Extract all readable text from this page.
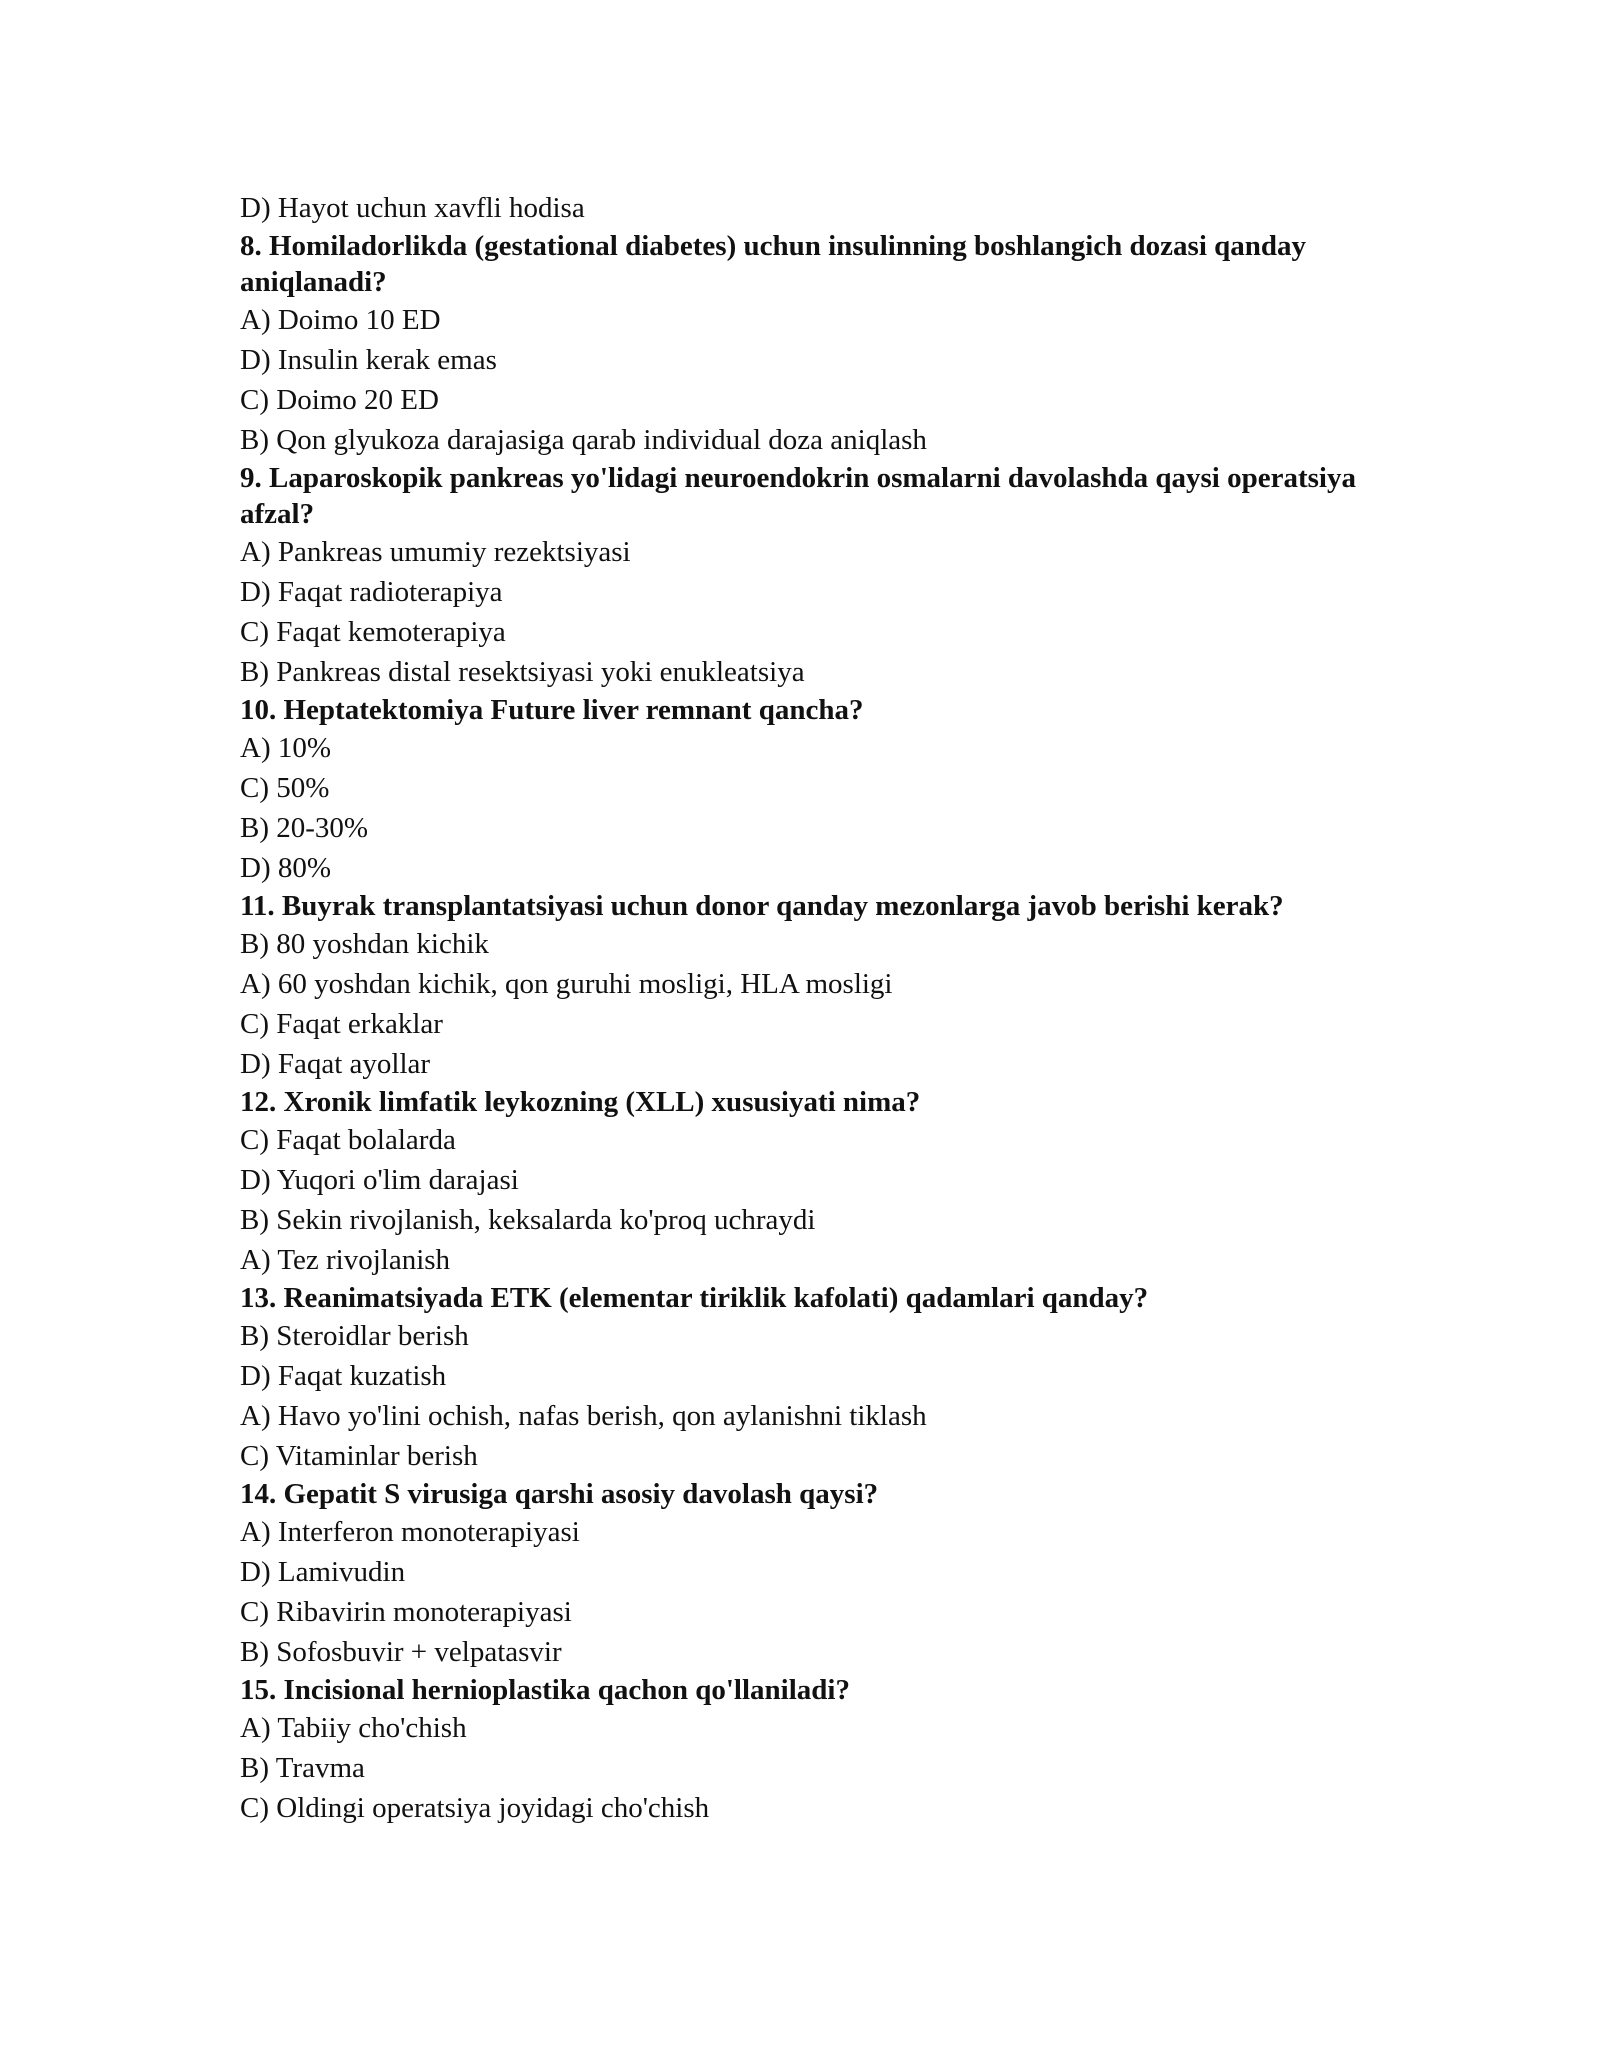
D) Hayot uchun xavfli hodisa
8. Homiladorlikda (gestational diabetes) uchun insulinning boshlangich dozasi qanday aniqlanadi?
A) Doimo 10 ED
D) Insulin kerak emas
C) Doimo 20 ED
B) Qon glyukoza darajasiga qarab individual doza aniqlash
9. Laparoskopik pankreas yo'lidagi neuroendokrin osmalarni davolashda qaysi operatsiya afzal?
A) Pankreas umumiy rezektsiyasi
D) Faqat radioterapiya
C) Faqat kemoterapiya
B) Pankreas distal resektsiyasi yoki enukleatsiya
10. Heptatektomiya Future liver remnant qancha?
A) 10%
C) 50%
B) 20-30%
D) 80%
11. Buyrak transplantatsiyasi uchun donor qanday mezonlarga javob berishi kerak?
B) 80 yoshdan kichik
A) 60 yoshdan kichik, qon guruhi mosligi, HLA mosligi
C) Faqat erkaklar
D) Faqat ayollar
12. Xronik limfatik leykozning (XLL) xususiyati nima?
C) Faqat bolalarda
D) Yuqori o'lim darajasi
B) Sekin rivojlanish, keksalarda ko'proq uchraydi
A) Tez rivojlanish
13. Reanimatsiyada ETK (elementar tiriklik kafolati) qadamlari qanday?
B) Steroidlar berish
D) Faqat kuzatish
A) Havo yo'lini ochish, nafas berish, qon aylanishni tiklash
C) Vitaminlar berish
14. Gepatit S virusiga qarshi asosiy davolash qaysi?
A) Interferon monoterapiyasi
D) Lamivudin
C) Ribavirin monoterapiyasi
B) Sofosbuvir + velpatasvir
15. Incisional hernioplastika qachon qo'llaniladi?
A) Tabiiy cho'chish
B) Travma
C) Oldingi operatsiya joyidagi cho'chish
